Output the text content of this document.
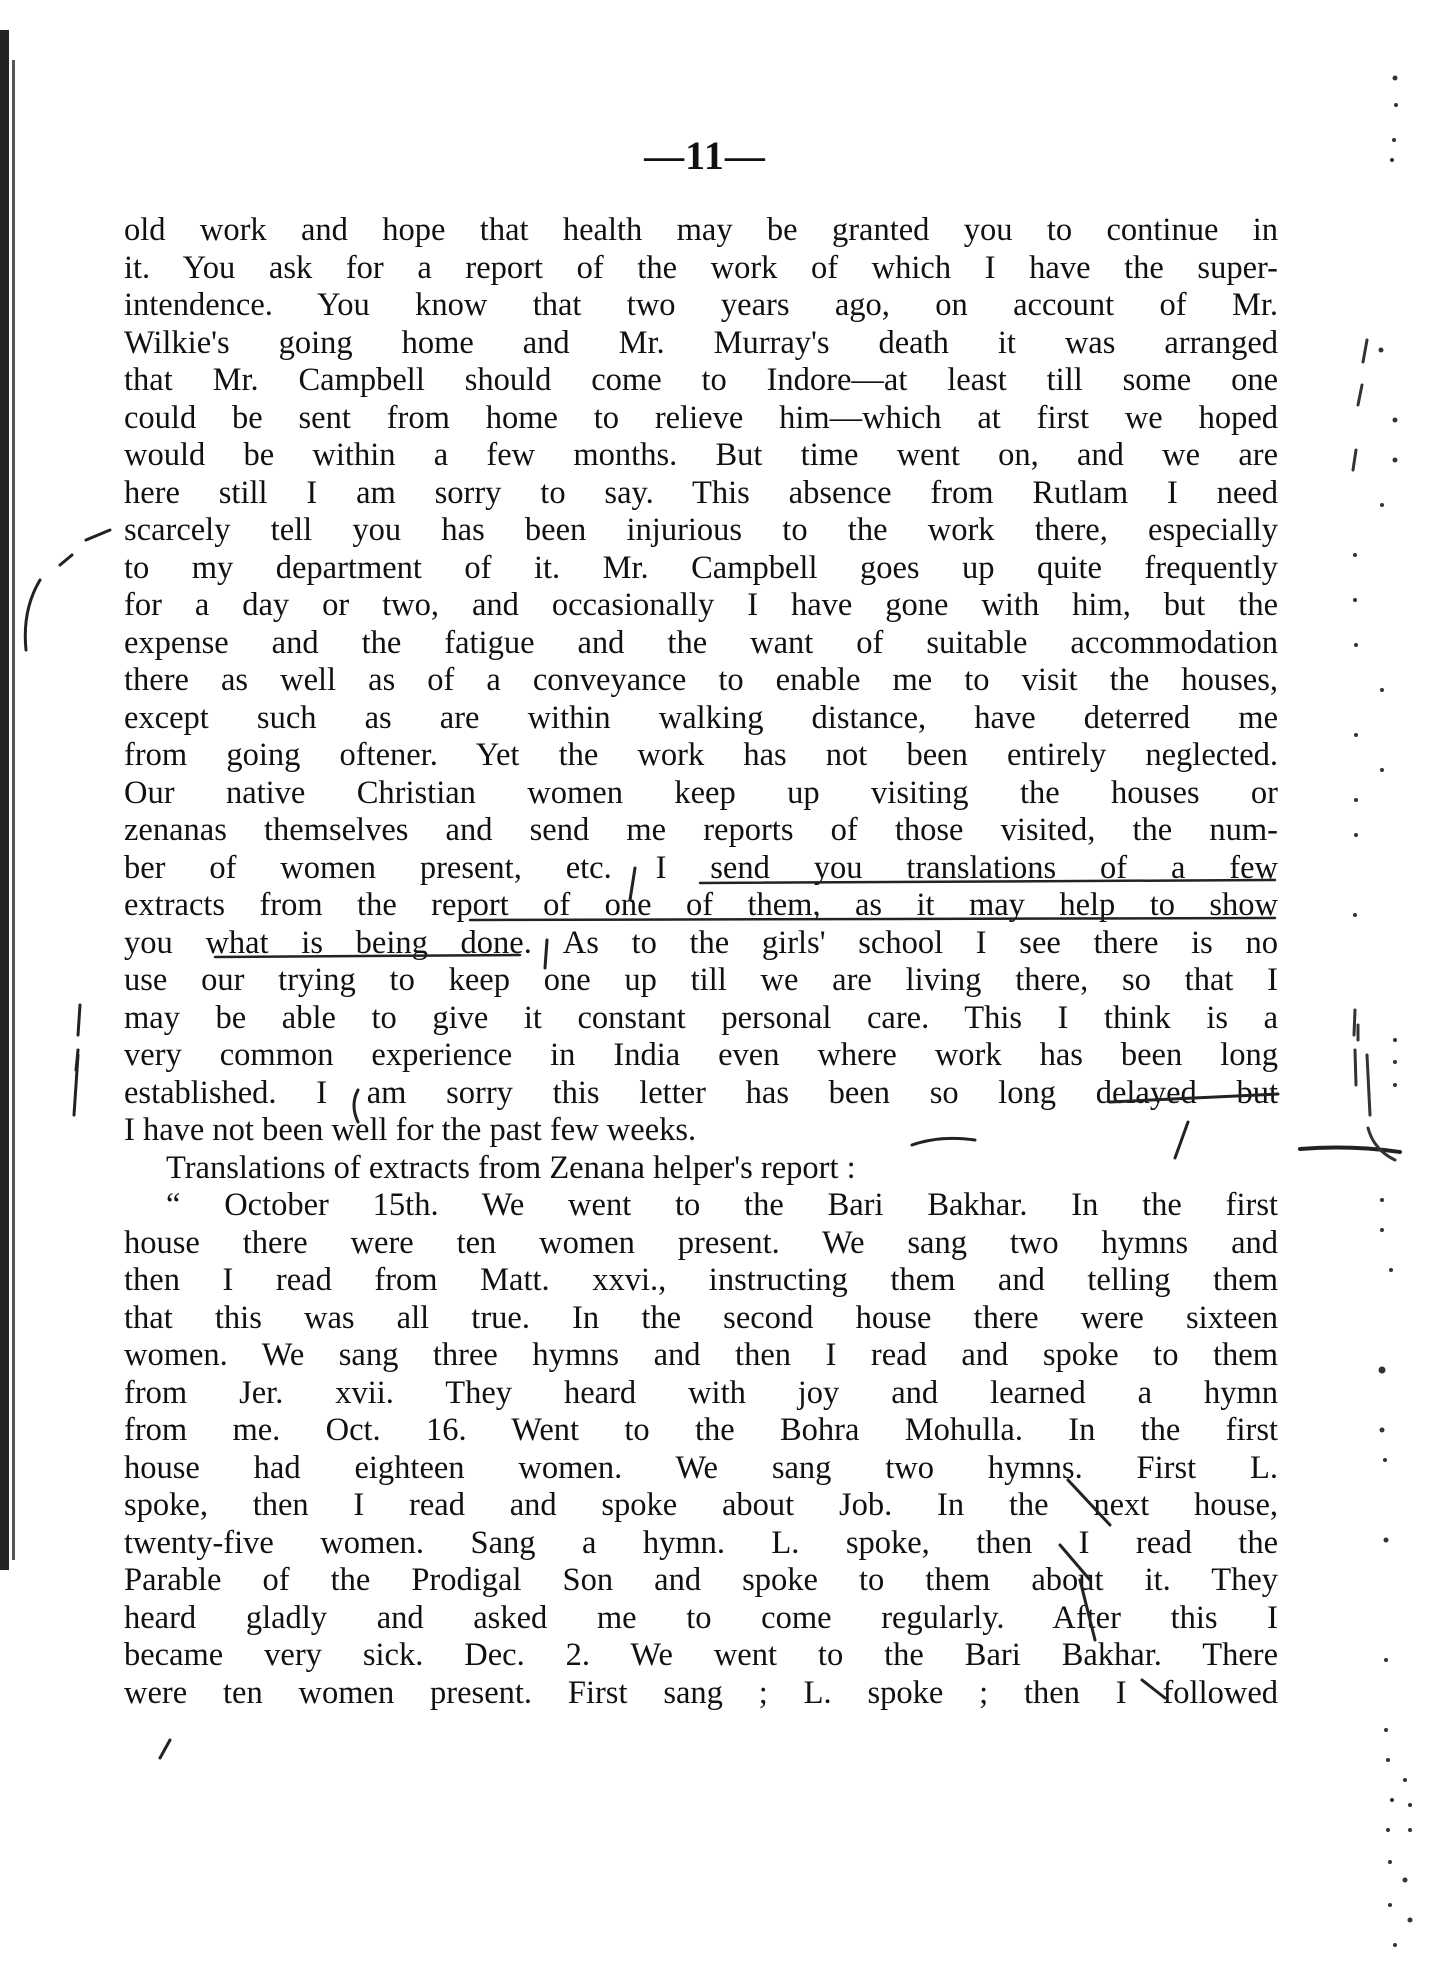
—11—
old work and hope that health may be granted you to continue in
it. You ask for a report of the work of which I have the super-
intendence. You know that two years ago, on account of Mr.
Wilkie's going home and Mr. Murray's death it was arranged
that Mr. Campbell should come to Indore—at least till some one
could be sent from home to relieve him—which at first we hoped
would be within a few months. But time went on, and we are
here still I am sorry to say. This absence from Rutlam I need
scarcely tell you has been injurious to the work there, especially
to my department of it. Mr. Campbell goes up quite frequently
for a day or two, and occasionally I have gone with him, but the
expense and the fatigue and the want of suitable accommodation
there as well as of a conveyance to enable me to visit the houses,
except such as are within walking distance, have deterred me
from going oftener. Yet the work has not been entirely neglected.
Our native Christian women keep up visiting the houses or
zenanas themselves and send me reports of those visited, the num-
ber of women present, etc. I send you translations of a few
extracts from the report of one of them, as it may help to show
you what is being done. As to the girls' school I see there is no
use our trying to keep one up till we are living there, so that I
may be able to give it constant personal care. This I think is a
very common experience in India even where work has been long
established. I am sorry this letter has been so long delayed but
I have not been well for the past few weeks.
Translations of extracts from Zenana helper's report :
“ October 15th. We went to the Bari Bakhar. In the first
house there were ten women present. We sang two hymns and
then I read from Matt. xxvi., instructing them and telling them
that this was all true. In the second house there were sixteen
women. We sang three hymns and then I read and spoke to them
from Jer. xvii. They heard with joy and learned a hymn
from me. Oct. 16. Went to the Bohra Mohulla. In the first
house had eighteen women. We sang two hymns. First L.
spoke, then I read and spoke about Job. In the next house,
twenty-five women. Sang a hymn. L. spoke, then I read the
Parable of the Prodigal Son and spoke to them about it. They
heard gladly and asked me to come regularly. After this I
became very sick. Dec. 2. We went to the Bari Bakhar. There
were ten women present. First sang ; L. spoke ; then I followed
